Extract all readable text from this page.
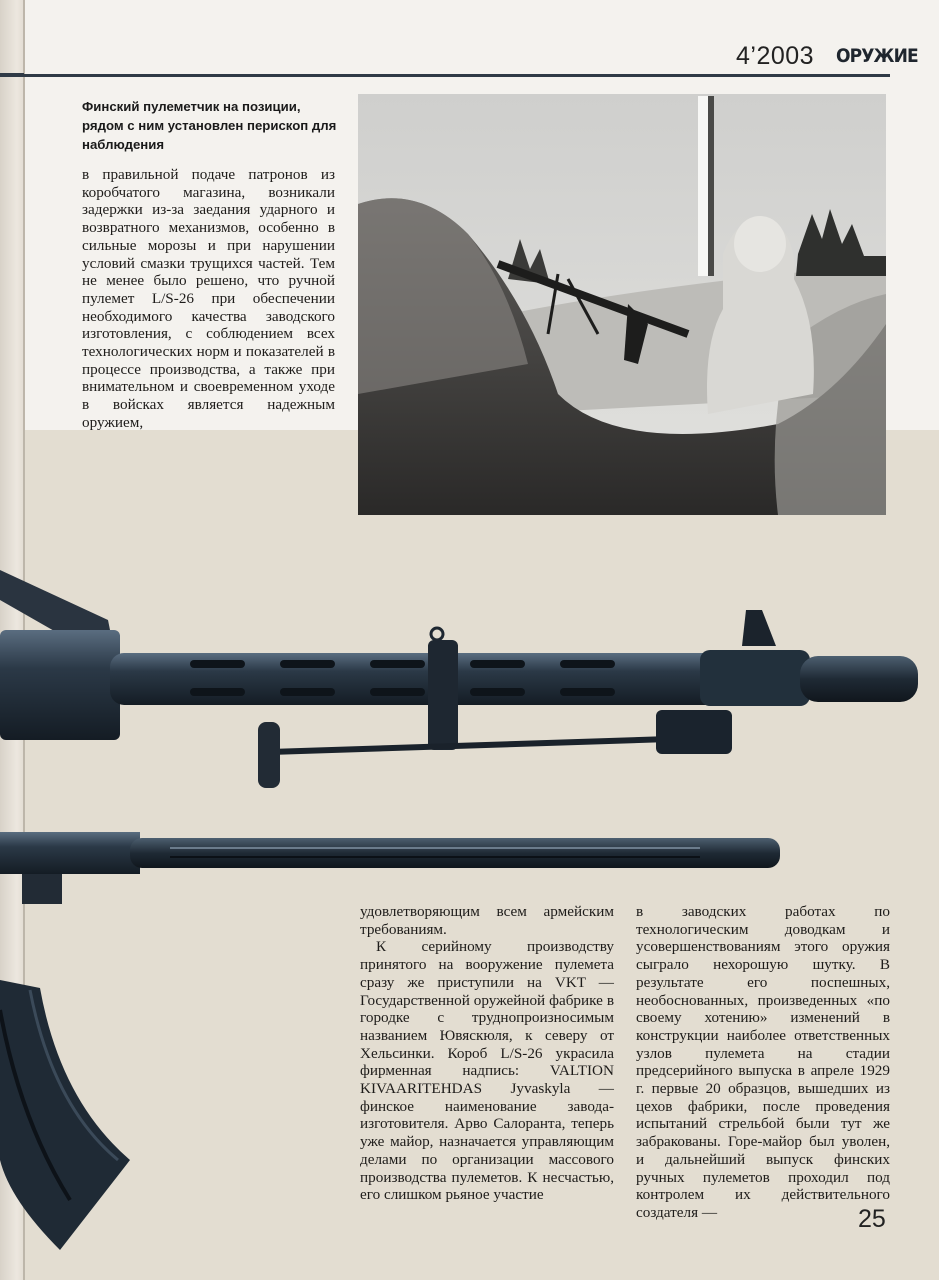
4’2003 ОРУЖИЕ
Финский пулеметчик на позиции, рядом с ним установлен перископ для наблюдения

в правильной подаче патронов из коробчатого магазина, возникали задержки из-за заедания ударного и возвратного механизмов, особенно в сильные морозы и при нарушении условий смазки трущихся частей. Тем не менее было решено, что ручной пулемет L/S-26 при обеспечении необходимого качества заводского изготовления, с соблюдением всех технологических норм и показателей в процессе производства, а также при внимательном и своевременном уходе в войсках является надежным оружием,

удовлетворяющим всем армейским требованиям.

К серийному производству принятого на вооружение пулемета сразу же приступили на VKT — Государственной оружейной фабрике в городке с труднопроизносимым названием Ювяскюля, к северу от Хельсинки. Короб L/S-26 украсила фирменная надпись: VALTION KIVAARITEHDAS Jyvaskyla — финское наименование завода-изготовителя. Арво Салоранта, теперь уже майор, назначается управляющим делами по организации массового производства пулеметов. К несчастью, его слишком рьяное участие

в заводских работах по технологическим доводкам и усовершенствованиям этого оружия сыграло нехорошую шутку. В результате его поспешных, необоснованных, произведенных «по своему хотению» изменений в конструкции наиболее ответственных узлов пулемета на стадии предсерийного выпуска в апреле 1929 г. первые 20 образцов, вышедших из цехов фабрики, после проведения испытаний стрельбой были тут же забракованы. Горе-майор был уволен, и дальнейший выпуск финских ручных пулеметов проходил под контролем их действительного создателя —	25
